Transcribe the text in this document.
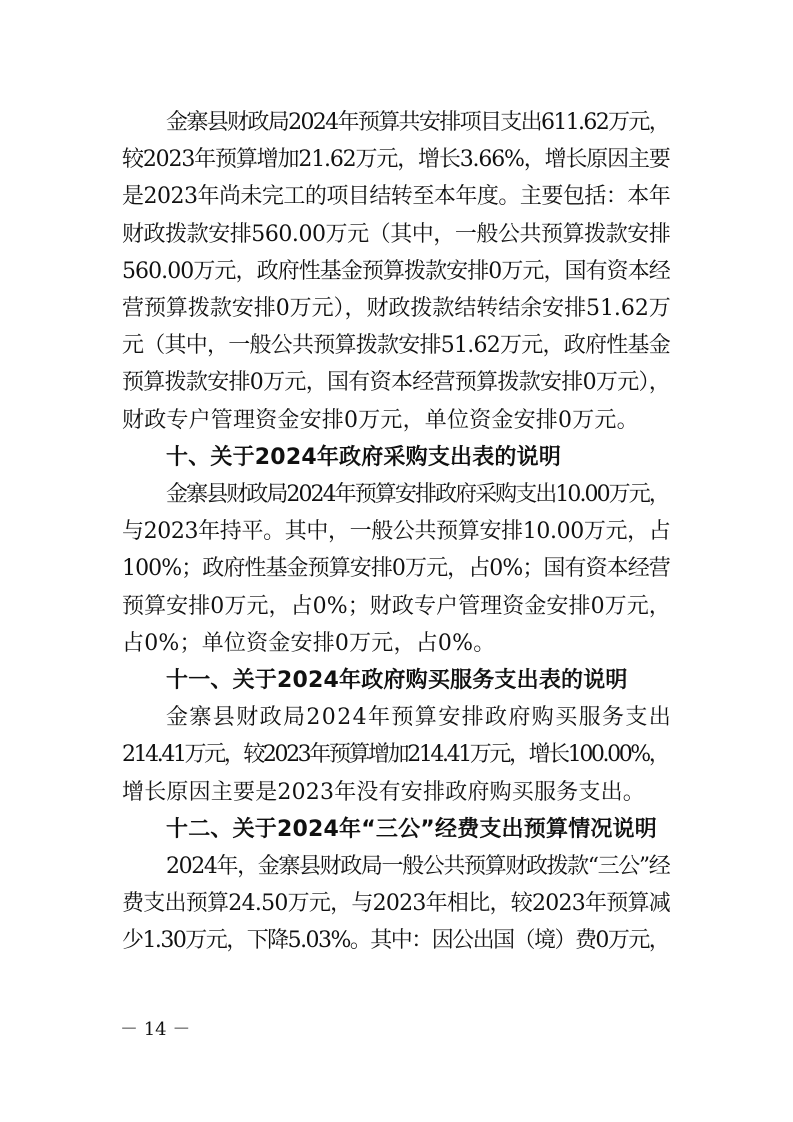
金寨县财政局2024年预算共安排项目支出611.62万元，
较2023年预算增加21.62万元，增长3.66%，增长原因主要
是2023年尚未完工的项目结转至本年度。主要包括：本年
财政拨款安排560.00万元（其中，一般公共预算拨款安排
560.00万元，政府性基金预算拨款安排0万元，国有资本经
营预算拨款安排0万元），财政拨款结转结余安排51.62万
元（其中，一般公共预算拨款安排51.62万元，政府性基金
预算拨款安排0万元，国有资本经营预算拨款安排0万元），
财政专户管理资金安排0万元，单位资金安排0万元。
十、关于2024年政府采购支出表的说明
金寨县财政局2024年预算安排政府采购支出10.00万元，
与2023年持平。其中，一般公共预算安排10.00万元，占
100%；政府性基金预算安排0万元，占0%；国有资本经营
预算安排0万元，占0%；财政专户管理资金安排0万元，
占0%；单位资金安排0万元，占0%。
十一、关于2024年政府购买服务支出表的说明
金寨县财政局2024年预算安排政府购买服务支出
214.41万元，较2023年预算增加214.41万元，增长100.00%，
增长原因主要是2023年没有安排政府购买服务支出。
十二、关于2024年“三公”经费支出预算情况说明
2024年，金寨县财政局一般公共预算财政拨款“三公”经
费支出预算24.50万元，与2023年相比，较2023年预算减
少1.30万元，下降5.03%。其中：因公出国（境）费0万元，
－ 14 －
